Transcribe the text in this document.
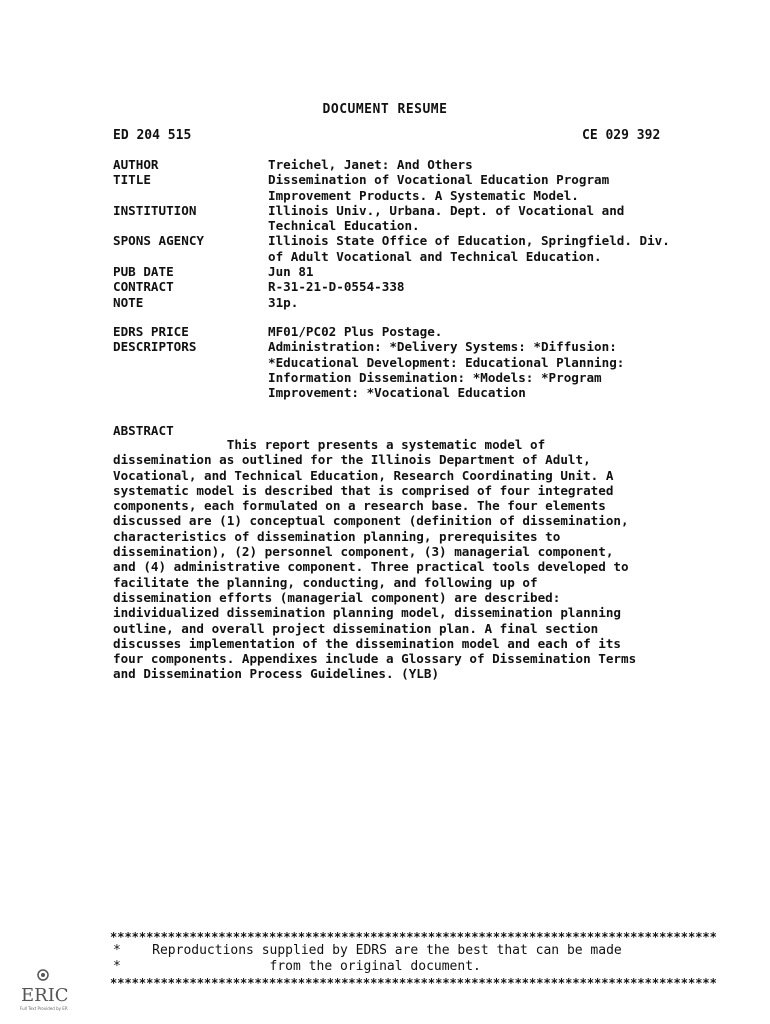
DOCUMENT RESUME
ED 204 515	CE 029 392
AUTHOR	Treichel, Janet: And Others
TITLE	Dissemination of Vocational Education Program
Improvement Products. A Systematic Model.
INSTITUTION	Illinois Univ., Urbana. Dept. of Vocational and
Technical Education.
SPONS AGENCY	Illinois State Office of Education, Springfield. Div.
of Adult Vocational and Technical Education.
PUB DATE	Jun 81
CONTRACT	R-31-21-D-0554-338
NOTE	31p.
EDRS PRICE	MF01/PC02 Plus Postage.
DESCRIPTORS	Administration: *Delivery Systems: *Diffusion:
*Educational Development: Educational Planning:
Information Dissemination: *Models: *Program
Improvement: *Vocational Education
ABSTRACT
This report presents a systematic model of
dissemination as outlined for the Illinois Department of Adult,
Vocational, and Technical Education, Research Coordinating Unit. A
systematic model is described that is comprised of four integrated
components, each formulated on a research base. The four elements
discussed are (1) conceptual component (definition of dissemination,
characteristics of dissemination planning, prerequisites to
dissemination), (2) personnel component, (3) managerial component,
and (4) administrative component. Three practical tools developed to
facilitate the planning, conducting, and following up of
dissemination efforts (managerial component) are described:
individualized dissemination planning model, dissemination planning
outline, and overall project dissemination plan. A final section
discusses implementation of the dissemination model and each of its
four components. Appendixes include a Glossary of Dissemination Terms
and Dissemination Process Guidelines. (YLB)
************************************************************************************
*    Reproductions supplied by EDRS are the best that can be made
*                   from the original document.
************************************************************************************
ERIC
Full Text Provided by ERIC
